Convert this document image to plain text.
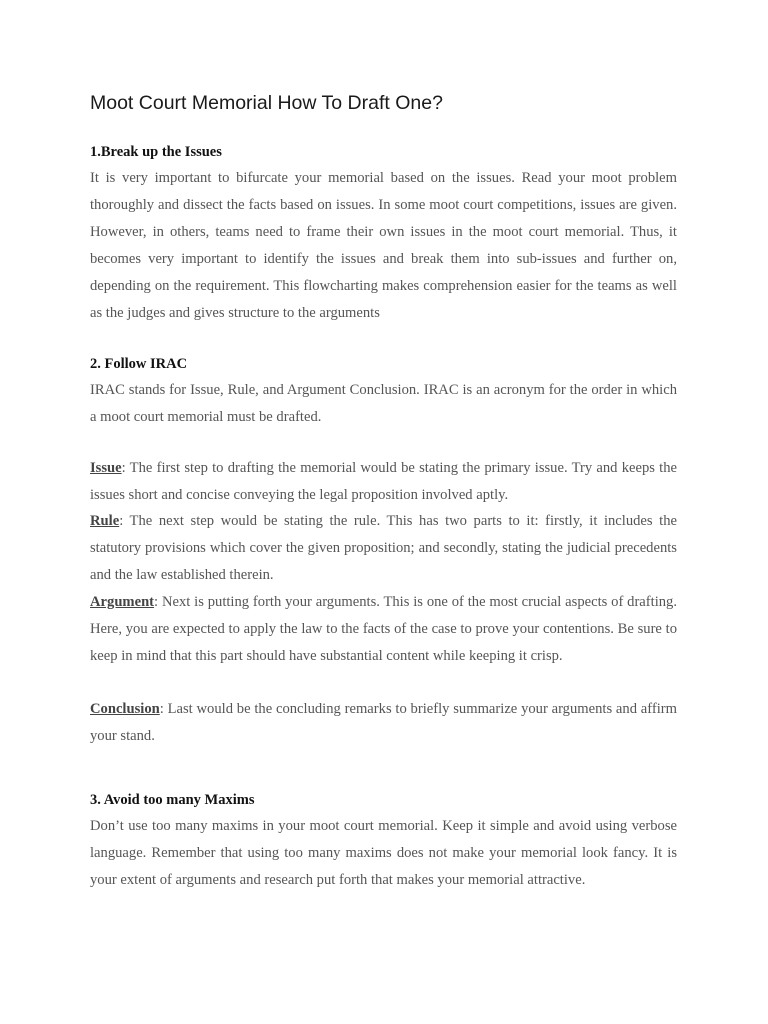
Moot Court Memorial How To Draft One?
1.Break up the Issues

It is very important to bifurcate your memorial based on the issues. Read your moot problem thoroughly and dissect the facts based on issues. In some moot court competitions, issues are given. However, in others, teams need to frame their own issues in the moot court memorial. Thus, it becomes very important to identify the issues and break them into sub-issues and further on, depending on the requirement. This flowcharting makes comprehension easier for the teams as well as the judges and gives structure to the arguments

2. Follow IRAC

IRAC stands for Issue, Rule, and Argument Conclusion. IRAC is an acronym for the order in which a moot court memorial must be drafted.

Issue: The first step to drafting the memorial would be stating the primary issue. Try and keeps the issues short and concise conveying the legal proposition involved aptly.

Rule: The next step would be stating the rule. This has two parts to it: firstly, it includes the statutory provisions which cover the given proposition; and secondly, stating the judicial precedents and the law established therein.

Argument: Next is putting forth your arguments. This is one of the most crucial aspects of drafting. Here, you are expected to apply the law to the facts of the case to prove your contentions. Be sure to keep in mind that this part should have substantial content while keeping it crisp.

Conclusion: Last would be the concluding remarks to briefly summarize your arguments and affirm your stand.

3. Avoid too many Maxims

Don’t use too many maxims in your moot court memorial. Keep it simple and avoid using verbose language. Remember that using too many maxims does not make your memorial look fancy. It is your extent of arguments and research put forth that makes your memorial attractive.
